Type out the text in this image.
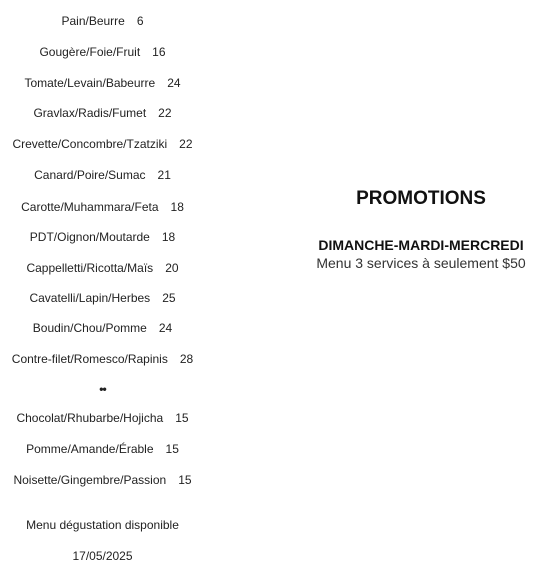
Pain/Beurre 6
Gougère/Foie/Fruit 16
Tomate/Levain/Babeurre 24
Gravlax/Radis/Fumet 22
Crevette/Concombre/Tzatziki 22
Canard/Poire/Sumac 21
Carotte/Muhammara/Feta 18
PDT/Oignon/Moutarde 18
Cappelletti/Ricotta/Maïs 20
Cavatelli/Lapin/Herbes 25
Boudin/Chou/Pomme 24
Contre-filet/Romesco/Rapinis 28
••
Chocolat/Rhubarbe/Hojicha 15
Pomme/Amande/Érable 15
Noisette/Gingembre/Passion 15
Menu dégustation disponible
17/05/2025
PROMOTIONS
DIMANCHE-MARDI-MERCREDI
Menu 3 services à seulement $50
